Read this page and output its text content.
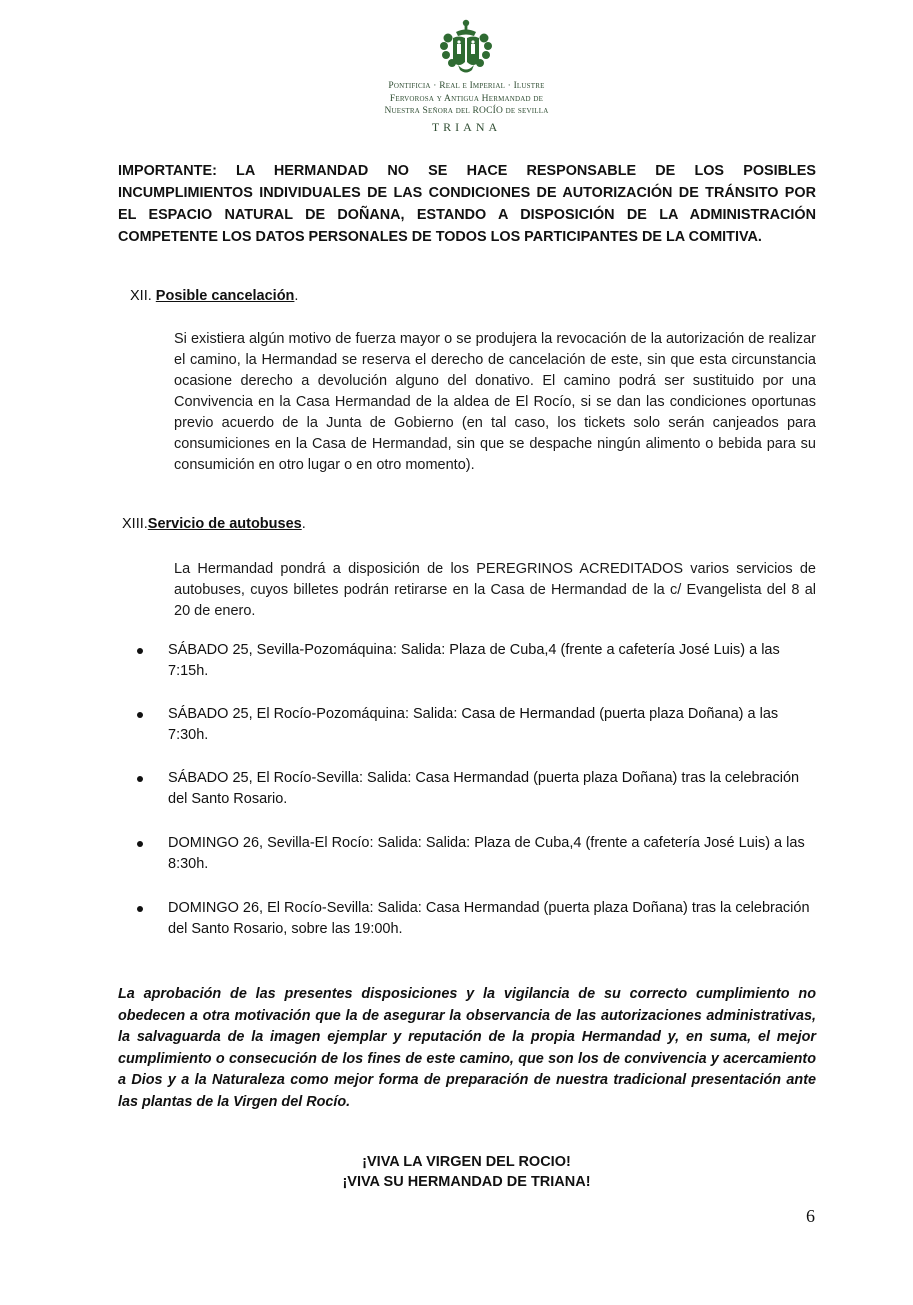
Pontificia · Real e Imperial · Ilustre
Fervorosa y Antigua Hermandad de
Nuestra Señora del ROCÍO de sevilla
TRIANA
IMPORTANTE: LA HERMANDAD NO SE HACE RESPONSABLE DE LOS POSIBLES INCUMPLIMIENTOS INDIVIDUALES DE LAS CONDICIONES DE AUTORIZACIÓN DE TRÁNSITO POR EL ESPACIO NATURAL DE DOÑANA, ESTANDO A DISPOSICIÓN DE LA ADMINISTRACIÓN COMPETENTE LOS DATOS PERSONALES DE TODOS LOS PARTICIPANTES DE LA COMITIVA.
XII. Posible cancelación.
Si existiera algún motivo de fuerza mayor o se produjera la revocación de la autorización de realizar el camino, la Hermandad se reserva el derecho de cancelación de este, sin que esta circunstancia ocasione derecho a devolución alguno del donativo. El camino podrá ser sustituido por una Convivencia en la Casa Hermandad de la aldea de El Rocío, si se dan las condiciones oportunas previo acuerdo de la Junta de Gobierno (en tal caso, los tickets solo serán canjeados para consumiciones en la Casa de Hermandad, sin que se despache ningún alimento o bebida para su consumición en otro lugar o en otro momento).
XIII.Servicio de autobuses.
La Hermandad pondrá a disposición de los PEREGRINOS ACREDITADOS varios servicios de autobuses, cuyos billetes podrán retirarse en la Casa de Hermandad de la c/ Evangelista del 8 al 20 de enero.
SÁBADO 25, Sevilla-Pozomáquina: Salida: Plaza de Cuba,4 (frente a cafetería José Luis) a las 7:15h.
SÁBADO 25, El Rocío-Pozomáquina: Salida: Casa de Hermandad (puerta plaza Doñana) a las 7:30h.
SÁBADO 25, El Rocío-Sevilla: Salida: Casa Hermandad (puerta plaza Doñana) tras la celebración del Santo Rosario.
DOMINGO 26, Sevilla-El Rocío: Salida: Salida: Plaza de Cuba,4 (frente a cafetería José Luis) a las 8:30h.
DOMINGO 26, El Rocío-Sevilla: Salida: Casa Hermandad (puerta plaza Doñana) tras la celebración del Santo Rosario, sobre las 19:00h.
La aprobación de las presentes disposiciones y la vigilancia de su correcto cumplimiento no obedecen a otra motivación que la de asegurar la observancia de las autorizaciones administrativas, la salvaguarda de la imagen ejemplar y reputación de la propia Hermandad y, en suma, el mejor cumplimiento o consecución de los fines de este camino, que son los de convivencia y acercamiento a Dios y a la Naturaleza como mejor forma de preparación de nuestra tradicional presentación ante las plantas de la Virgen del Rocío.
¡VIVA LA VIRGEN DEL ROCIO!
¡VIVA SU HERMANDAD DE TRIANA!
6
